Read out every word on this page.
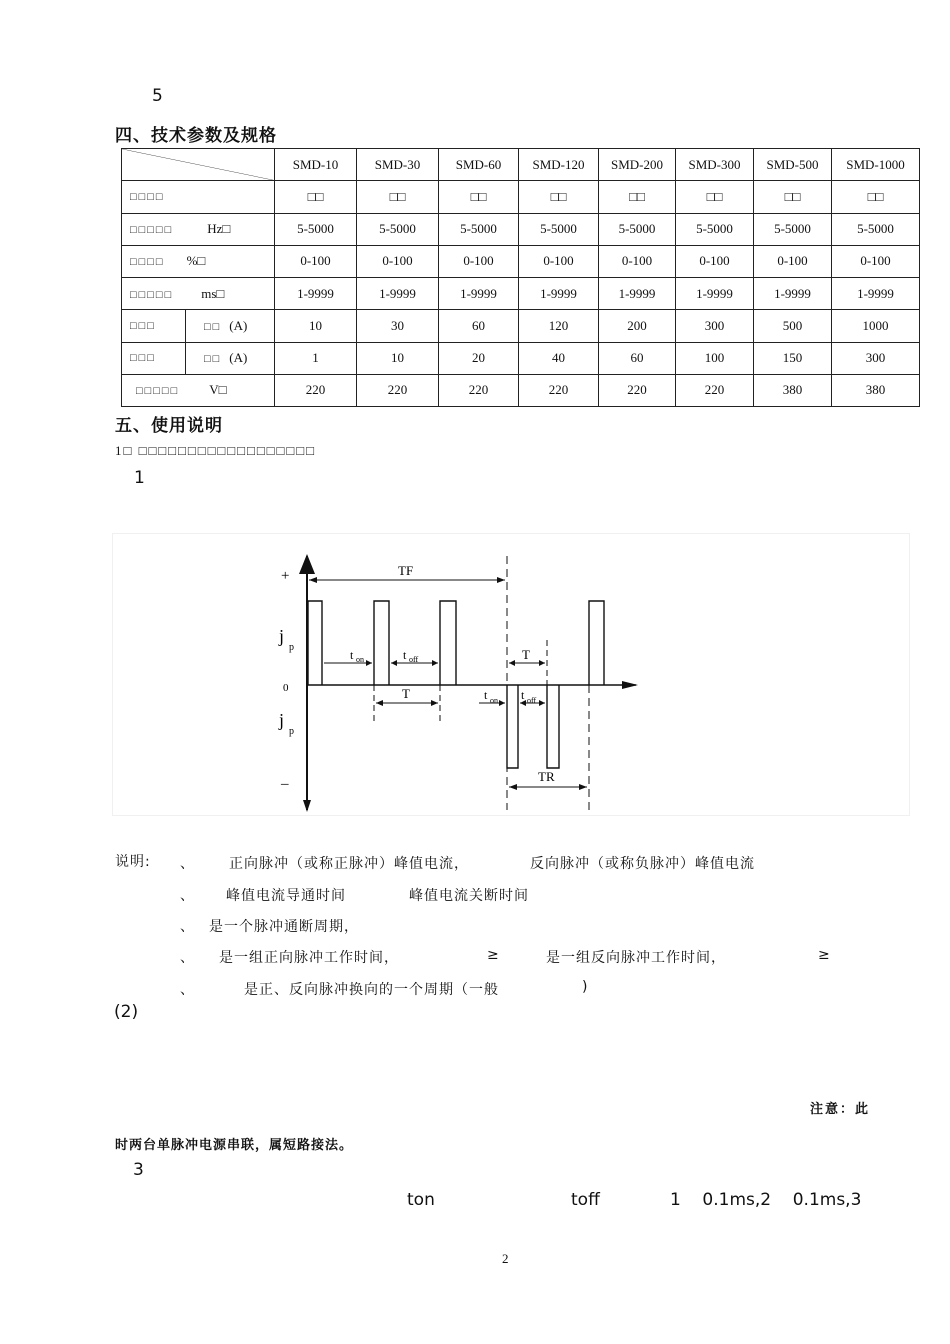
5
四、技术参数及规格
	SMD-10	SMD-30	SMD-60	SMD-120	SMD-200	SMD-300	SMD-500	SMD-1000
□□□□		□□	□□	□□	□□	□□	□□	□□	□□
□□□□□ Hz□		5-5000	5-5000	5-5000	5-5000	5-5000	5-5000	5-5000	5-5000
□□□□ %□		0-100	0-100	0-100	0-100	0-100	0-100	0-100	0-100
□□□□□ ms□		1-9999	1-9999	1-9999	1-9999	1-9999	1-9999	1-9999	1-9999
□□□	□□ (A)	10	30	60	120	200	300	500	1000
□□□	□□ (A)	1	10	20	40	60	100	150	300
□□□□□ V□		220	220	220	220	220	220	380	380
五、使用说明
1□ □□□□□□□□□□□□□□□□□□
1
+
–
0
j
p
j
p
TF
TR
T
T
t on	t off
t on t off
说明: 、 正向脉冲（或称正脉冲）峰值电流，	反向脉冲（或称负脉冲）峰值电流
、 峰值电流导通时间	峰值电流关断时间
、 是一个脉冲通断周期，
、 是一组正向脉冲工作时间，	≥	是一组反向脉冲工作时间，	≥
、	是正、反向脉冲换向的一个周期（一般	)
(2)
注意：此
时两台单脉冲电源串联，属短路接法。
3
ton	toff	1    0.1ms,2    0.1ms,3
2
